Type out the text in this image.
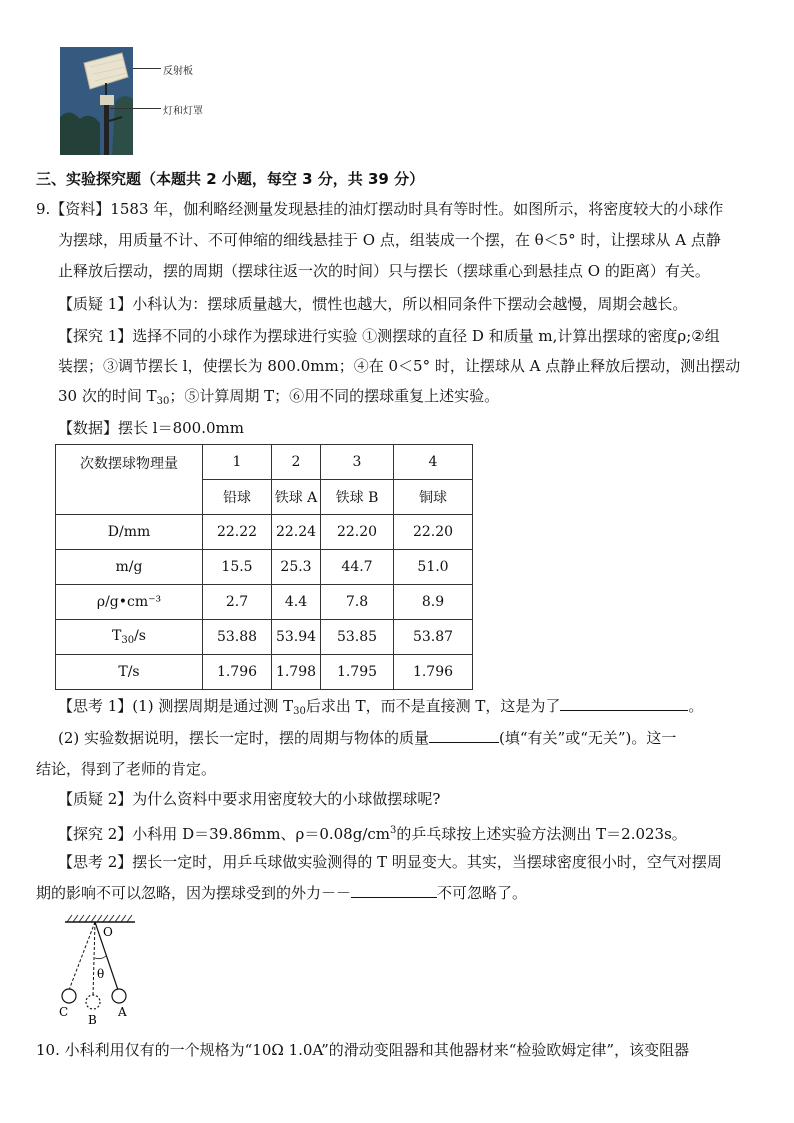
反射板
灯和灯罩
三、实验探究题（本题共 2 小题，每空 3 分，共 39 分）
9.【资料】1583 年，伽利略经测量发现悬挂的油灯摆动时具有等时性。如图所示，将密度较大的小球作
为摆球，用质量不计、不可伸缩的细线悬挂于 O 点，组装成一个摆，在 θ＜5° 时，让摆球从 A 点静
止释放后摆动，摆的周期（摆球往返一次的时间）只与摆长（摆球重心到悬挂点 O 的距离）有关。
【质疑 1】小科认为：摆球质量越大，惯性也越大，所以相同条件下摆动会越慢，周期会越长。
【探究 1】选择不同的小球作为摆球进行实验 ①测摆球的直径 D 和质量 m,计算出摆球的密度ρ;②组
装摆；③调节摆长 l，使摆长为 800.0mm；④在 0＜5° 时，让摆球从 A 点静止释放后摆动，测出摆动
30 次的时间 $T_{30}$；⑤计算周期 T；⑥用不同的摆球重复上述实验。
【数据】摆长 l＝800.0mm
次数摆球物理量	1	2	3	4
	铅球	铁球 A	铁球 B	铜球
D/mm	22.22	22.24	22.20	22.20
m/g	15.5	25.3	44.7	51.0
ρ/g•cm⁻³	2.7	4.4	7.8	8.9
$T_{30}/s$	53.88	53.94	53.85	53.87
T/s	1.796	1.798	1.795	1.796
【思考 1】(1) 测摆周期是通过测 $T_{30}$后求出 T，而不是直接测 T，这是为了	。
(2) 实验数据说明，摆长一定时，摆的周期与物体的质量	(填“有关”或“无关”)。这一
结论，得到了老师的肯定。
【质疑 2】为什么资料中要求用密度较大的小球做摆球呢?
【探究 2】小科用 D＝39.86mm、$\rho=0.08g/cm^3$的乒乓球按上述实验方法测出 T＝2.023s。
【思考 2】摆长一定时，用乒乓球做实验测得的 T 明显变大。其实，当摆球密度很小时，空气对摆周
期的影响不可以忽略，因为摆球受到的外力－－	不可忽略了。
O
θ
C
B
A
10. 小科利用仅有的一个规格为“10Ω 1.0A”的滑动变阻器和其他器材来“检验欧姆定律”，该变阻器
